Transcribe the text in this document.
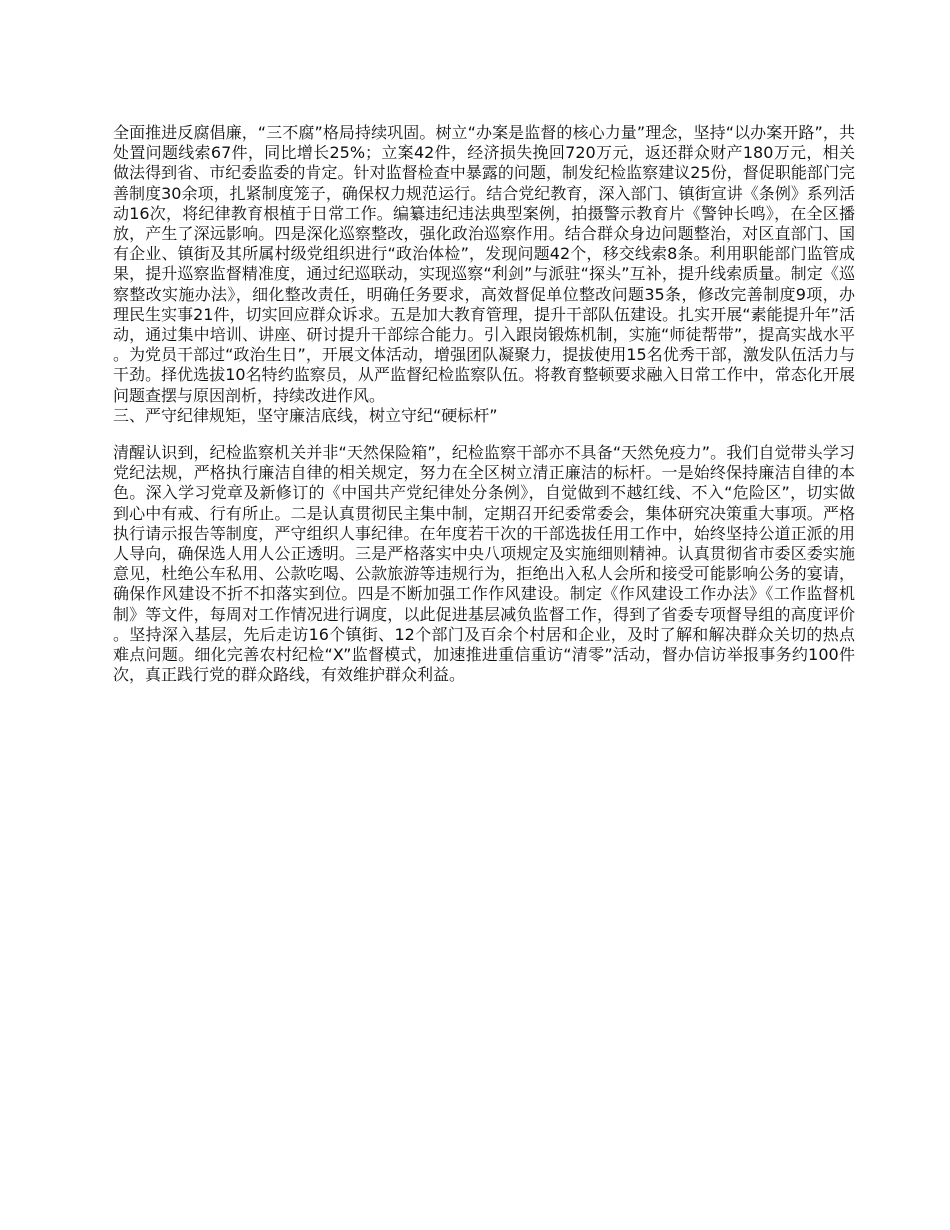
全面推进反腐倡廉，“三不腐”格局持续巩固。树立“办案是监督的核心力量”理念，坚持“以办案开路”，共处置问题线索67件，同比增长25%；立案42件，经济损失挽回720万元，返还群众财产180万元，相关做法得到省、市纪委监委的肯定。针对监督检查中暴露的问题，制发纪检监察建议25份，督促职能部门完善制度30余项，扎紧制度笼子，确保权力规范运行。结合党纪教育，深入部门、镇街宣讲《条例》系列活动16次，将纪律教育根植于日常工作。编纂违纪违法典型案例，拍摄警示教育片《警钟长鸣》，在全区播放，产生了深远影响。四是深化巡察整改，强化政治巡察作用。结合群众身边问题整治，对区直部门、国有企业、镇街及其所属村级党组织进行“政治体检”，发现问题42个，移交线索8条。利用职能部门监管成果，提升巡察监督精准度，通过纪巡联动，实现巡察“利剑”与派驻“探头”互补，提升线索质量。制定《巡察整改实施办法》，细化整改责任，明确任务要求，高效督促单位整改问题35条，修改完善制度9项，办理民生实事21件，切实回应群众诉求。五是加大教育管理，提升干部队伍建设。扎实开展“素能提升年”活动，通过集中培训、讲座、研讨提升干部综合能力。引入跟岗锻炼机制，实施“师徒帮带”，提高实战水平。为党员干部过“政治生日”，开展文体活动，增强团队凝聚力，提拔使用15名优秀干部，激发队伍活力与干劲。择优选拔10名特约监察员，从严监督纪检监察队伍。将教育整顿要求融入日常工作中，常态化开展问题查摆与原因剖析，持续改进作风。

三、严守纪律规矩，坚守廉洁底线，树立守纪“硬标杆”

清醒认识到，纪检监察机关并非“天然保险箱”，纪检监察干部亦不具备“天然免疫力”。我们自觉带头学习党纪法规，严格执行廉洁自律的相关规定，努力在全区树立清正廉洁的标杆。一是始终保持廉洁自律的本色。深入学习党章及新修订的《中国共产党纪律处分条例》，自觉做到不越红线、不入“危险区”，切实做到心中有戒、行有所止。二是认真贯彻民主集中制，定期召开纪委常委会，集体研究决策重大事项。严格执行请示报告等制度，严守组织人事纪律。在年度若干次的干部选拔任用工作中，始终坚持公道正派的用人导向，确保选人用人公正透明。三是严格落实中央八项规定及实施细则精神。认真贯彻省市委区委实施意见，杜绝公车私用、公款吃喝、公款旅游等违规行为，拒绝出入私人会所和接受可能影响公务的宴请，确保作风建设不折不扣落实到位。四是不断加强工作作风建设。制定《作风建设工作办法》《工作监督机制》等文件，每周对工作情况进行调度，以此促进基层减负监督工作，得到了省委专项督导组的高度评价。坚持深入基层，先后走访16个镇街、12个部门及百余个村居和企业，及时了解和解决群众关切的热点难点问题。细化完善农村纪检“X”监督模式，加速推进重信重访“清零”活动，督办信访举报事务约100件次，真正践行党的群众路线，有效维护群众利益。
